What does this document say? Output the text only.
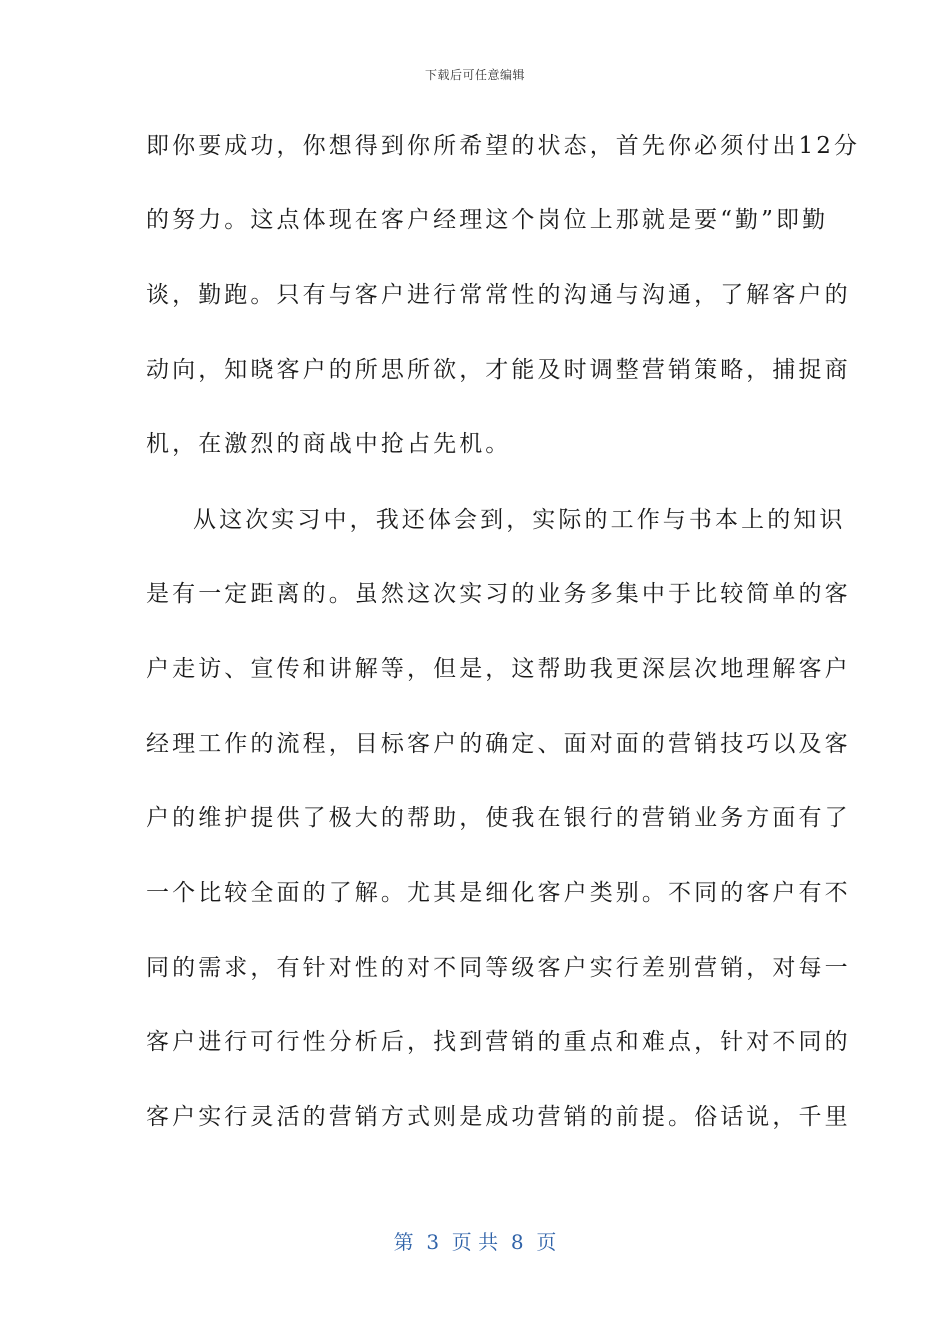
下载后可任意编辑
即你要成功，你想得到你所希望的状态，首先你必须付出12分
的努力。这点体现在客户经理这个岗位上那就是要“勤”即勤
谈，勤跑。只有与客户进行常常性的沟通与沟通，了解客户的
动向，知晓客户的所思所欲，才能及时调整营销策略，捕捉商
机，在激烈的商战中抢占先机。
从这次实习中，我还体会到，实际的工作与书本上的知识
是有一定距离的。虽然这次实习的业务多集中于比较简单的客
户走访、宣传和讲解等，但是，这帮助我更深层次地理解客户
经理工作的流程，目标客户的确定、面对面的营销技巧以及客
户的维护提供了极大的帮助，使我在银行的营销业务方面有了
一个比较全面的了解。尤其是细化客户类别。不同的客户有不
同的需求，有针对性的对不同等级客户实行差别营销，对每一
客户进行可行性分析后，找到营销的重点和难点，针对不同的
客户实行灵活的营销方式则是成功营销的前提。俗话说，千里
第  3  页 共  8  页
